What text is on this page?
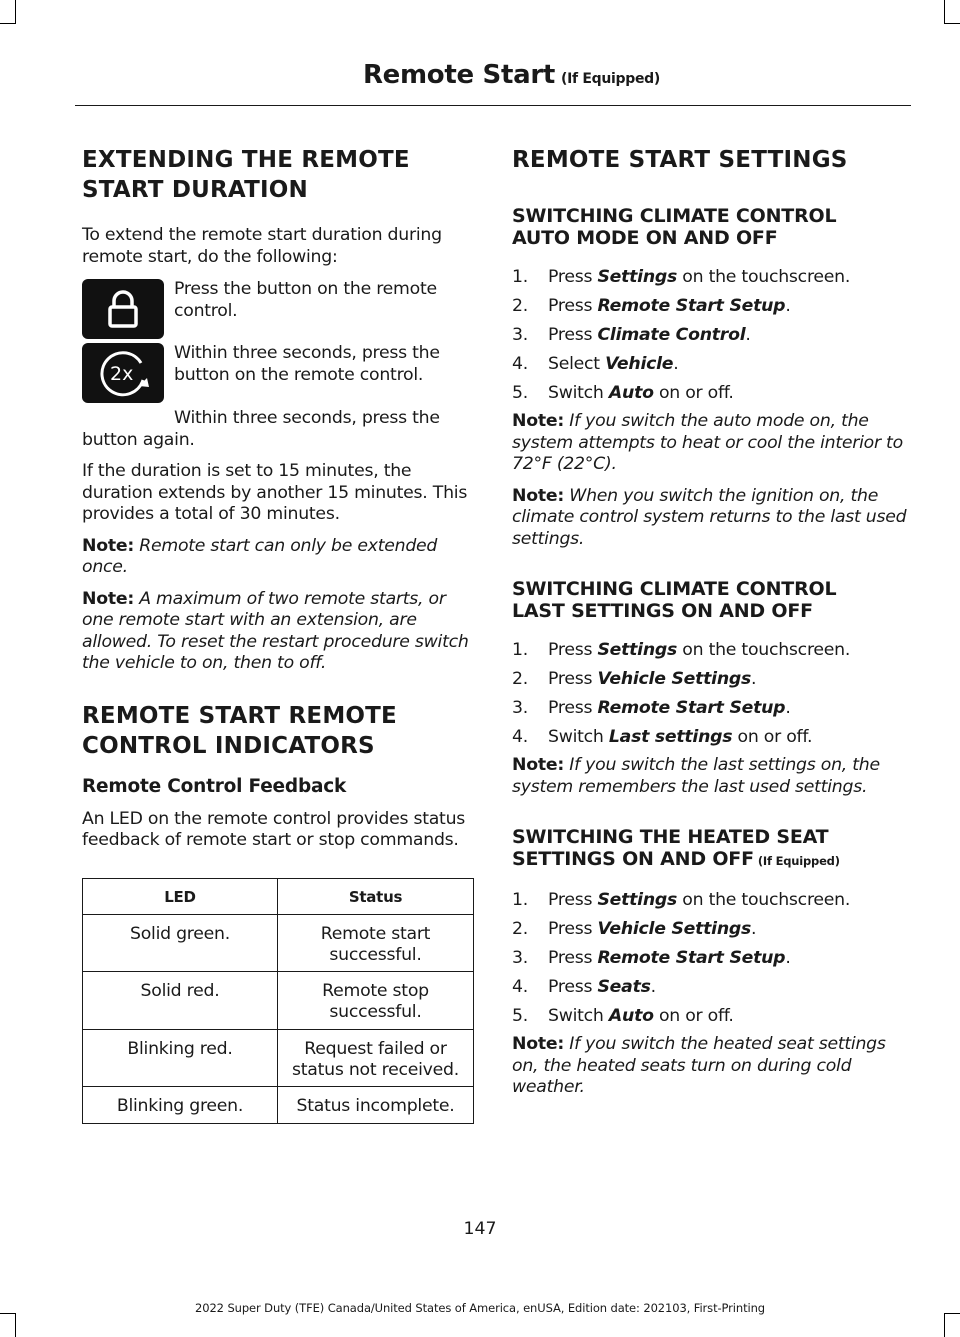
Remote Start (If Equipped)
EXTENDING THE REMOTE
START DURATION

To extend the remote start duration during remote start, do the following:

Press the button on the remote control.

2x

Within three seconds, press the button on the remote control.

Within three seconds, press the button again.

If the duration is set to 15 minutes, the duration extends by another 15 minutes. This provides a total of 30 minutes.

Note: Remote start can only be extended once.

Note: A maximum of two remote starts, or one remote start with an extension, are allowed. To reset the restart procedure switch the vehicle to on, then to off.

REMOTE START REMOTE
CONTROL INDICATORS
Remote Control Feedback

An LED on the remote control provides status feedback of remote start or stop commands.

LED	Status
Solid green.	Remote start successful.
Solid red.	Remote stop successful.
Blinking red.	Request failed or status not received.
Blinking green.	Status incomplete.
REMOTE START SETTINGS
SWITCHING CLIMATE CONTROL
AUTO MODE ON AND OFF
1.	Press Settings on the touchscreen.
2.	Press Remote Start Setup.
3.	Press Climate Control.
4.	Select Vehicle.
5.	Switch Auto on or off.

Note: If you switch the auto mode on, the system attempts to heat or cool the interior to 72°F (22°C).

Note: When you switch the ignition on, the climate control system returns to the last used settings.

SWITCHING CLIMATE CONTROL
LAST SETTINGS ON AND OFF
1.	Press Settings on the touchscreen.
2.	Press Vehicle Settings.
3.	Press Remote Start Setup.
4.	Switch Last settings on or off.

Note: If you switch the last settings on, the system remembers the last used settings.

SWITCHING THE HEATED SEAT
SETTINGS ON AND OFF (If Equipped)
1.	Press Settings on the touchscreen.
2.	Press Vehicle Settings.
3.	Press Remote Start Setup.
4.	Press Seats.
5.	Switch Auto on or off.

Note: If you switch the heated seat settings on, the heated seats turn on during cold weather.

147
2022 Super Duty (TFE) Canada/United States of America, enUSA, Edition date: 202103, First-Printing
